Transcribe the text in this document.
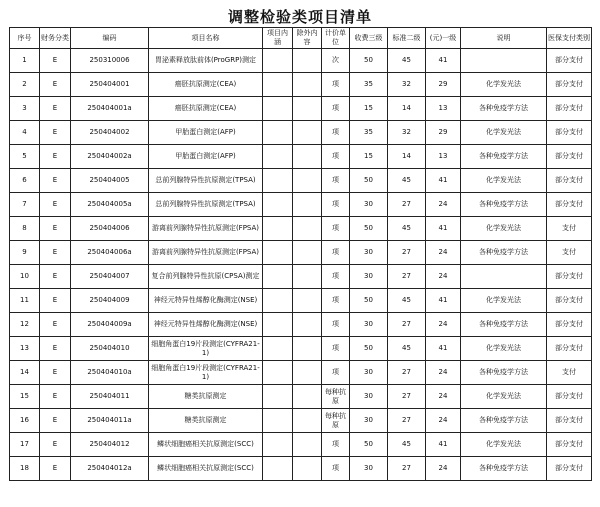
调整检验类项目清单
序号	财务分类	编码	项目名称	项目内涵	除外内容	计价单位	收费三级	标准二级	(元)一级	说明	医保支付类别
1	E	250310006	胃泌素释放肽前体(ProGRP)测定			次	50	45	41		部分支付
2	E	250404001	癌胚抗原测定(CEA)			项	35	32	29	化学发光法	部分支付
3	E	250404001a	癌胚抗原测定(CEA)			项	15	14	13	各种免疫学方法	部分支付
4	E	250404002	甲胎蛋白测定(AFP)			项	35	32	29	化学发光法	部分支付
5	E	250404002a	甲胎蛋白测定(AFP)			项	15	14	13	各种免疫学方法	部分支付
6	E	250404005	总前列腺特异性抗原测定(TPSA)			项	50	45	41	化学发光法	部分支付
7	E	250404005a	总前列腺特异性抗原测定(TPSA)			项	30	27	24	各种免疫学方法	部分支付
8	E	250404006	游离前列腺特异性抗原测定(FPSA)			项	50	45	41	化学发光法	支付
9	E	250404006a	游离前列腺特异性抗原测定(FPSA)			项	30	27	24	各种免疫学方法	支付
10	E	250404007	复合前列腺特异性抗原(CPSA)测定			项	30	27	24		部分支付
11	E	250404009	神经元特异性烯醇化酶测定(NSE)			项	50	45	41	化学发光法	部分支付
12	E	250404009a	神经元特异性烯醇化酶测定(NSE)			项	30	27	24	各种免疫学方法	部分支付
13	E	250404010	细胞角蛋白19片段测定(CYFRA21-1)			项	50	45	41	化学发光法	部分支付
14	E	250404010a	细胞角蛋白19片段测定(CYFRA21-1)			项	30	27	24	各种免疫学方法	支付
15	E	250404011	糖类抗原测定			每种抗原	30	27	24	化学发光法	部分支付
16	E	250404011a	糖类抗原测定			每种抗原	30	27	24	各种免疫学方法	部分支付
17	E	250404012	鳞状细胞癌相关抗原测定(SCC)			项	50	45	41	化学发光法	部分支付
18	E	250404012a	鳞状细胞癌相关抗原测定(SCC)			项	30	27	24	各种免疫学方法	部分支付
